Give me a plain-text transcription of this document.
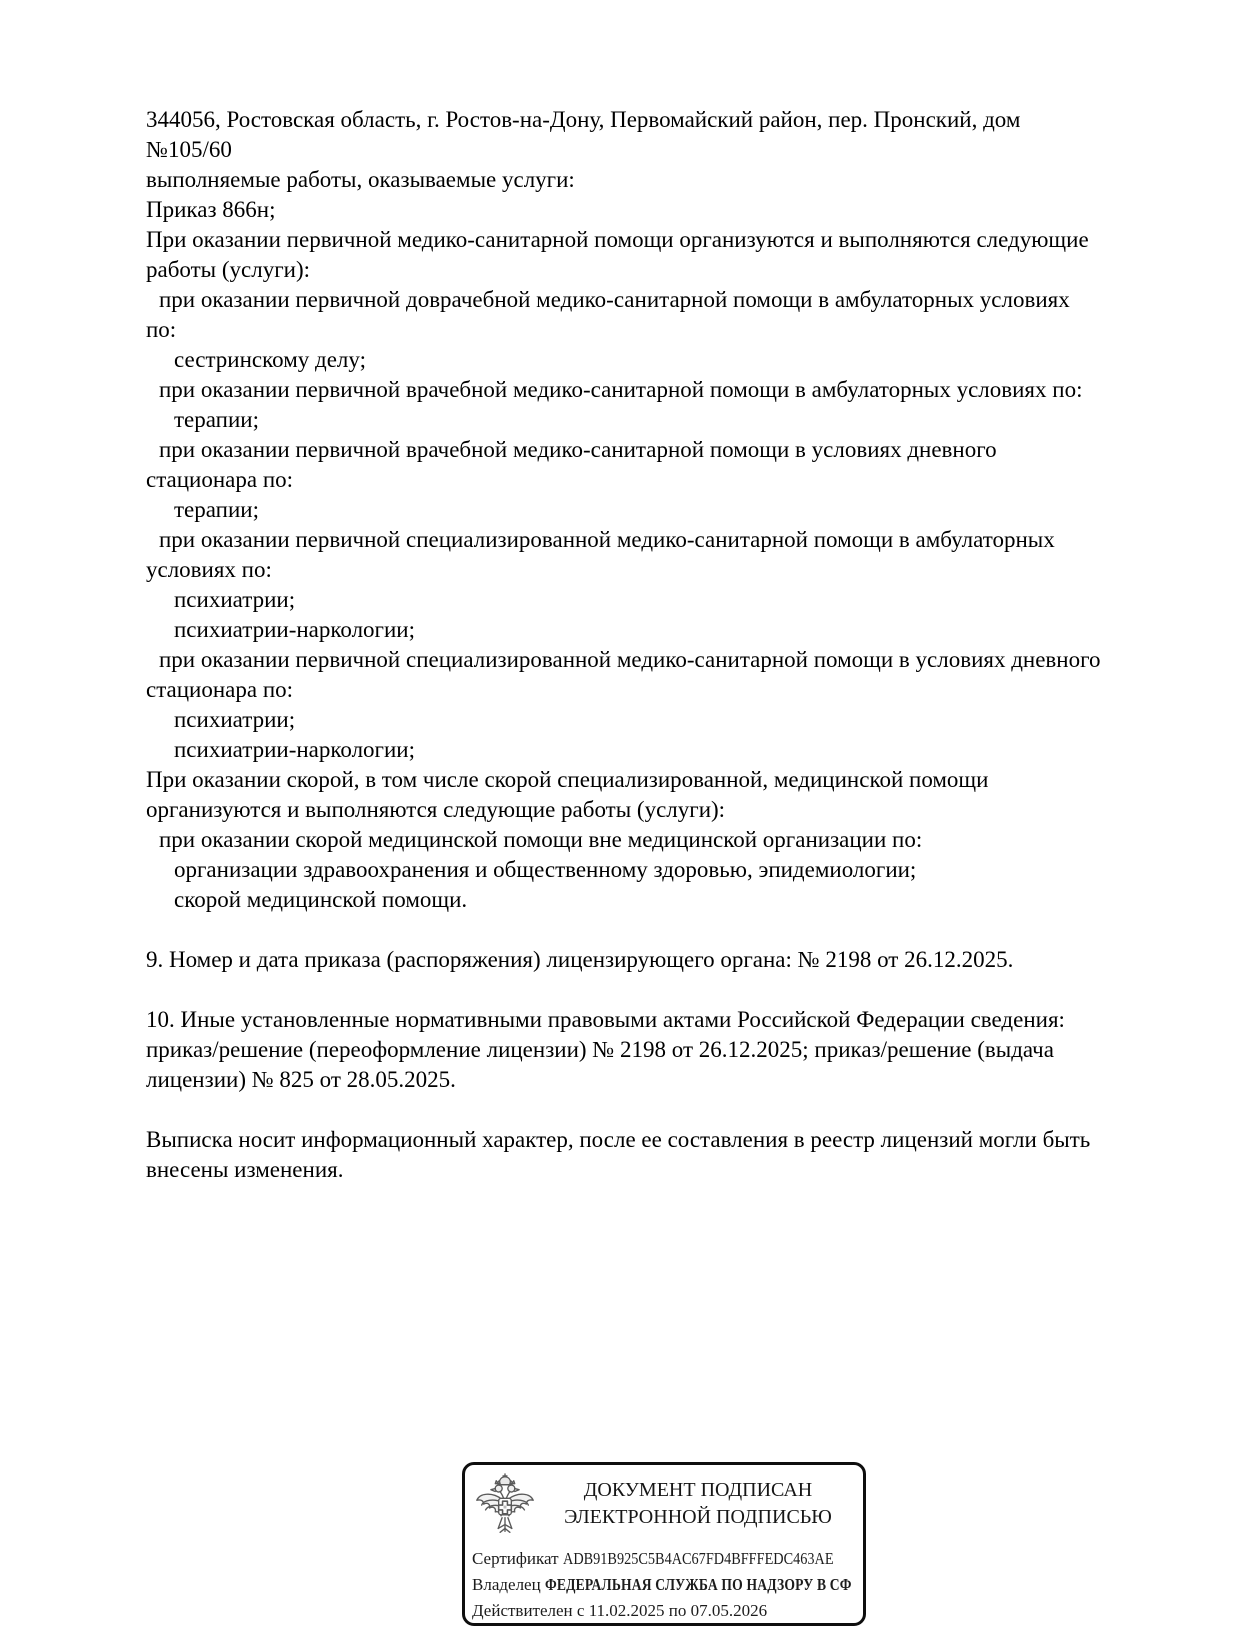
344056, Ростовская область, г. Ростов-на-Дону, Первомайский район, пер. Пронский, дом
№105/60
выполняемые работы, оказываемые услуги:
Приказ 866н;
При оказании первичной медико-санитарной помощи организуются и выполняются следующие
работы (услуги):
при оказании первичной доврачебной медико-санитарной помощи в амбулаторных условиях
по:
сестринскому делу;
при оказании первичной врачебной медико-санитарной помощи в амбулаторных условиях по:
терапии;
при оказании первичной врачебной медико-санитарной помощи в условиях дневного
стационара по:
терапии;
при оказании первичной специализированной медико-санитарной помощи в амбулаторных
условиях по:
психиатрии;
психиатрии-наркологии;
при оказании первичной специализированной медико-санитарной помощи в условиях дневного
стационара по:
психиатрии;
психиатрии-наркологии;
При оказании скорой, в том числе скорой специализированной, медицинской помощи
организуются и выполняются следующие работы (услуги):
при оказании скорой медицинской помощи вне медицинской организации по:
организации здравоохранения и общественному здоровью, эпидемиологии;
скорой медицинской помощи.
9. Номер и дата приказа (распоряжения) лицензирующего органа: № 2198 от 26.12.2025.
10. Иные установленные нормативными правовыми актами Российской Федерации сведения:
приказ/решение (переоформление лицензии) № 2198 от 26.12.2025; приказ/решение (выдача
лицензии) № 825 от 28.05.2025.
Выписка носит информационный характер, после ее составления в реестр лицензий могли быть
внесены изменения.
ДОКУМЕНТ ПОДПИСАН
ЭЛЕКТРОННОЙ ПОДПИСЬЮ
Сертификат ADB91B925C5B4AC67FD4BFFFEDC463AE
Владелец ФЕДЕРАЛЬНАЯ СЛУЖБА ПО НАДЗОРУ В СФ
Действителен с 11.02.2025 по 07.05.2026
